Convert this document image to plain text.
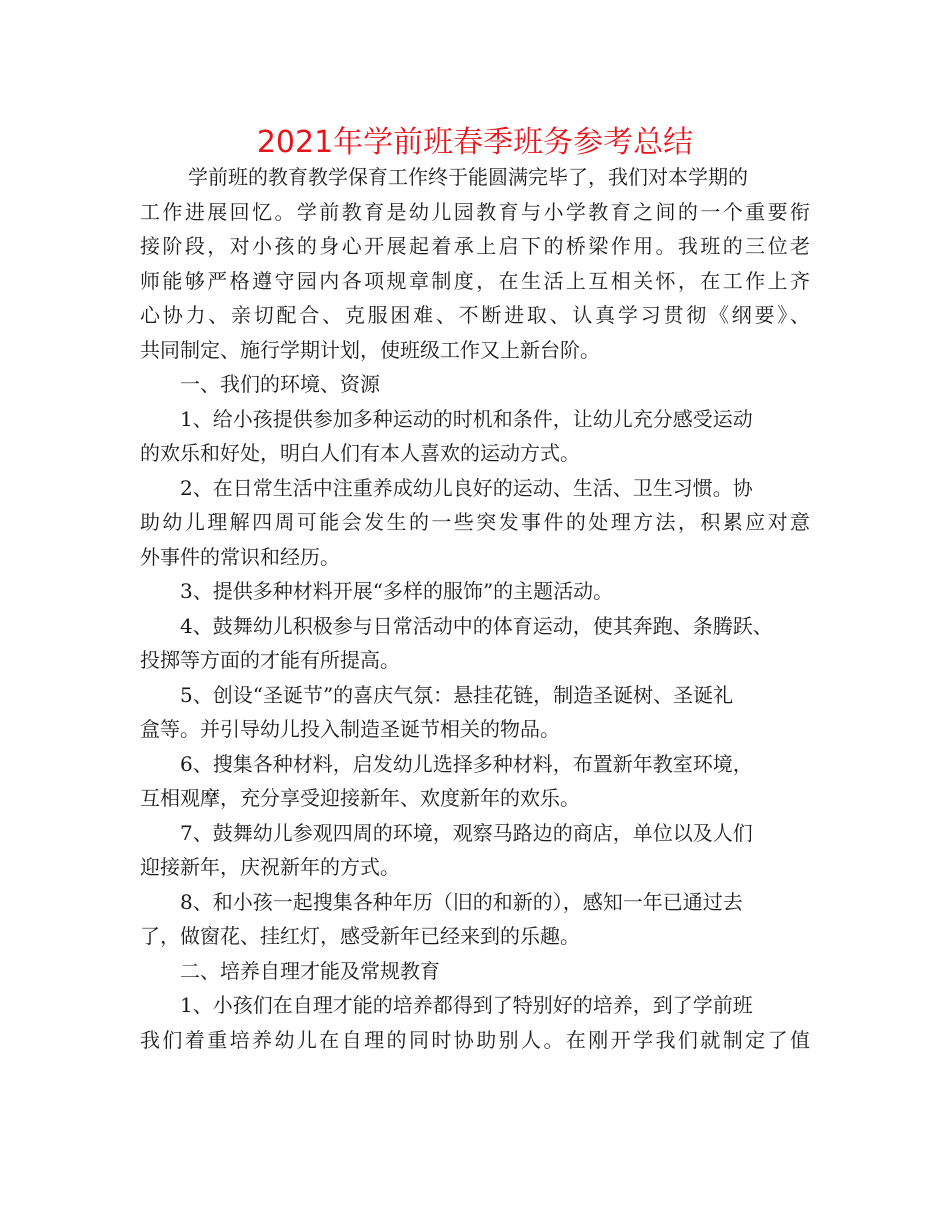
2021年学前班春季班务参考总结
学前班的教育教学保育工作终于能圆满完毕了，我们对本学期的
工作进展回忆。学前教育是幼儿园教育与小学教育之间的一个重要衔
接阶段，对小孩的身心开展起着承上启下的桥梁作用。我班的三位老
师能够严格遵守园内各项规章制度，在生活上互相关怀，在工作上齐
心协力、亲切配合、克服困难、不断进取、认真学习贯彻《纲要》、
共同制定、施行学期计划，使班级工作又上新台阶。
一、我们的环境、资源
1、给小孩提供参加多种运动的时机和条件，让幼儿充分感受运动
的欢乐和好处，明白人们有本人喜欢的运动方式。
2、在日常生活中注重养成幼儿良好的运动、生活、卫生习惯。协
助幼儿理解四周可能会发生的一些突发事件的处理方法，积累应对意
外事件的常识和经历。
3、提供多种材料开展“多样的服饰”的主题活动。
4、鼓舞幼儿积极参与日常活动中的体育运动，使其奔跑、条腾跃、
投掷等方面的才能有所提高。
5、创设“圣诞节”的喜庆气氛：悬挂花链，制造圣诞树、圣诞礼
盒等。并引导幼儿投入制造圣诞节相关的物品。
6、搜集各种材料，启发幼儿选择多种材料，布置新年教室环境，
互相观摩，充分享受迎接新年、欢度新年的欢乐。
7、鼓舞幼儿参观四周的环境，观察马路边的商店，单位以及人们
迎接新年，庆祝新年的方式。
8、和小孩一起搜集各种年历（旧的和新的），感知一年已通过去
了，做窗花、挂红灯，感受新年已经来到的乐趣。
二、培养自理才能及常规教育
1、小孩们在自理才能的培养都得到了特别好的培养，到了学前班
我们着重培养幼儿在自理的同时协助别人。在刚开学我们就制定了值
